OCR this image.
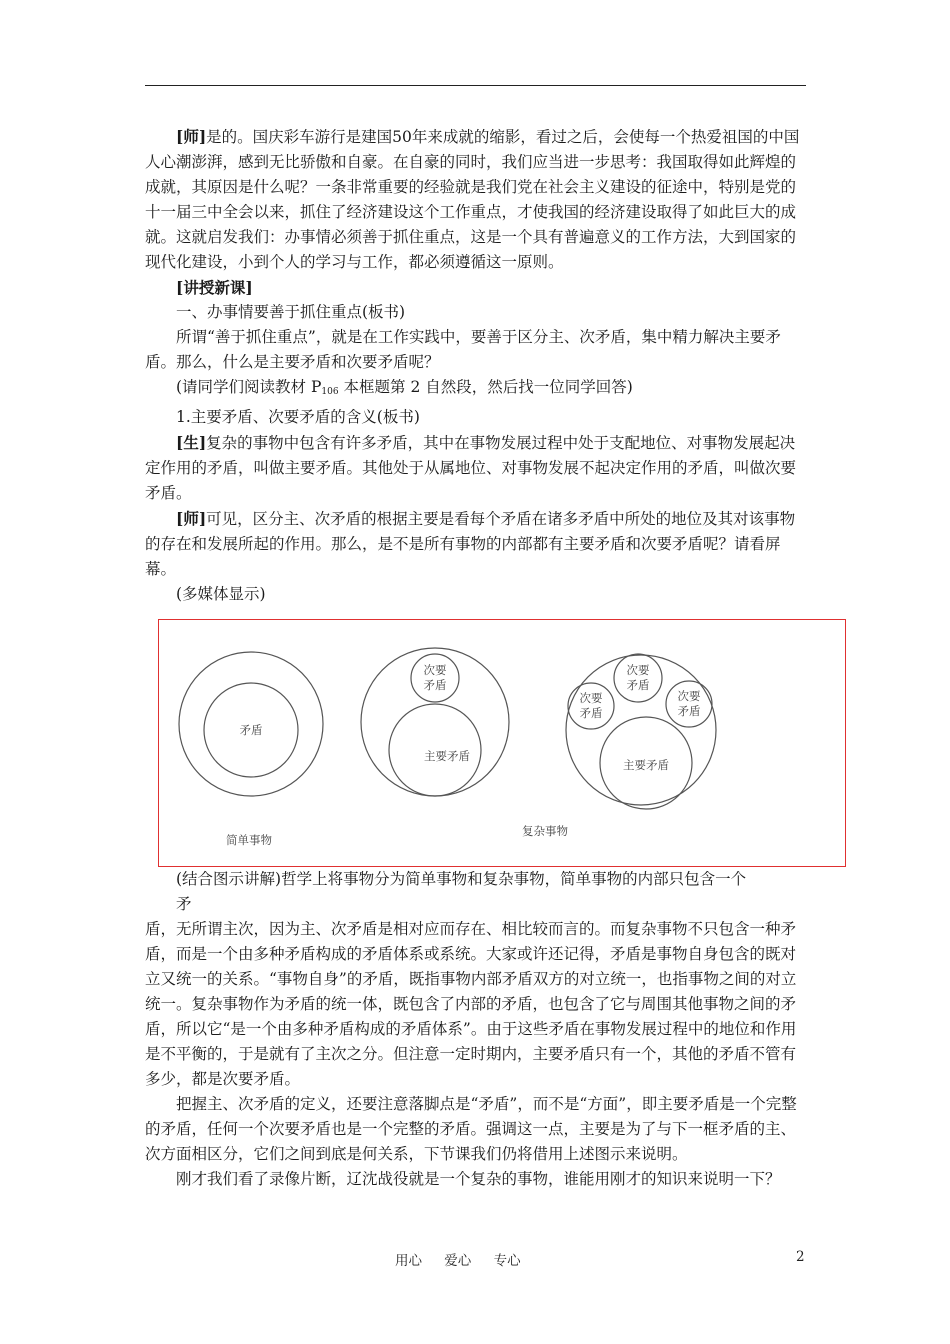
[师]是的。国庆彩车游行是建国50年来成就的缩影，看过之后，会使每一个热爱祖国的中国人心潮澎湃，感到无比骄傲和自豪。在自豪的同时，我们应当进一步思考：我国取得如此辉煌的成就，其原因是什么呢？一条非常重要的经验就是我们党在社会主义建设的征途中，特别是党的十一届三中全会以来，抓住了经济建设这个工作重点，才使我国的经济建设取得了如此巨大的成就。这就启发我们：办事情必须善于抓住重点，这是一个具有普遍意义的工作方法，大到国家的现代化建设，小到个人的学习与工作，都必须遵循这一原则。

[讲授新课]

一、办事情要善于抓住重点(板书)

所谓“善于抓住重点”，就是在工作实践中，要善于区分主、次矛盾，集中精力解决主要矛盾。那么，什么是主要矛盾和次要矛盾呢？

(请同学们阅读教材 $P_{106}$ 本框题第 2 自然段，然后找一位同学回答)

1.主要矛盾、次要矛盾的含义(板书)

[生]复杂的事物中包含有许多矛盾，其中在事物发展过程中处于支配地位、对事物发展起决定作用的矛盾，叫做主要矛盾。其他处于从属地位、对事物发展不起决定作用的矛盾，叫做次要矛盾。

[师]可见，区分主、次矛盾的根据主要是看每个矛盾在诸多矛盾中所处的地位及其对该事物的存在和发展所起的作用。那么，是不是所有事物的内部都有主要矛盾和次要矛盾呢？请看屏幕。

(多媒体显示)

矛盾
次要
矛盾
主要矛盾
次要
矛盾
次要
矛盾
次要
矛盾
主要矛盾
简单事物
复杂事物

(结合图示讲解)哲学上将事物分为简单事物和复杂事物，简单事物的内部只包含一个

矛

盾，无所谓主次，因为主、次矛盾是相对应而存在、相比较而言的。而复杂事物不只包含一种矛盾，而是一个由多种矛盾构成的矛盾体系或系统。大家或许还记得，矛盾是事物自身包含的既对立又统一的关系。“事物自身”的矛盾，既指事物内部矛盾双方的对立统一，也指事物之间的对立统一。复杂事物作为矛盾的统一体，既包含了内部的矛盾，也包含了它与周围其他事物之间的矛盾，所以它“是一个由多种矛盾构成的矛盾体系”。由于这些矛盾在事物发展过程中的地位和作用是不平衡的，于是就有了主次之分。但注意一定时期内，主要矛盾只有一个，其他的矛盾不管有多少，都是次要矛盾。

把握主、次矛盾的定义，还要注意落脚点是“矛盾”，而不是“方面”，即主要矛盾是一个完整的矛盾，任何一个次要矛盾也是一个完整的矛盾。强调这一点，主要是为了与下一框矛盾的主、次方面相区分，它们之间到底是何关系，下节课我们仍将借用上述图示来说明。

刚才我们看了录像片断，辽沈战役就是一个复杂的事物，谁能用刚才的知识来说明一下？

用心 爱心 专心	2
